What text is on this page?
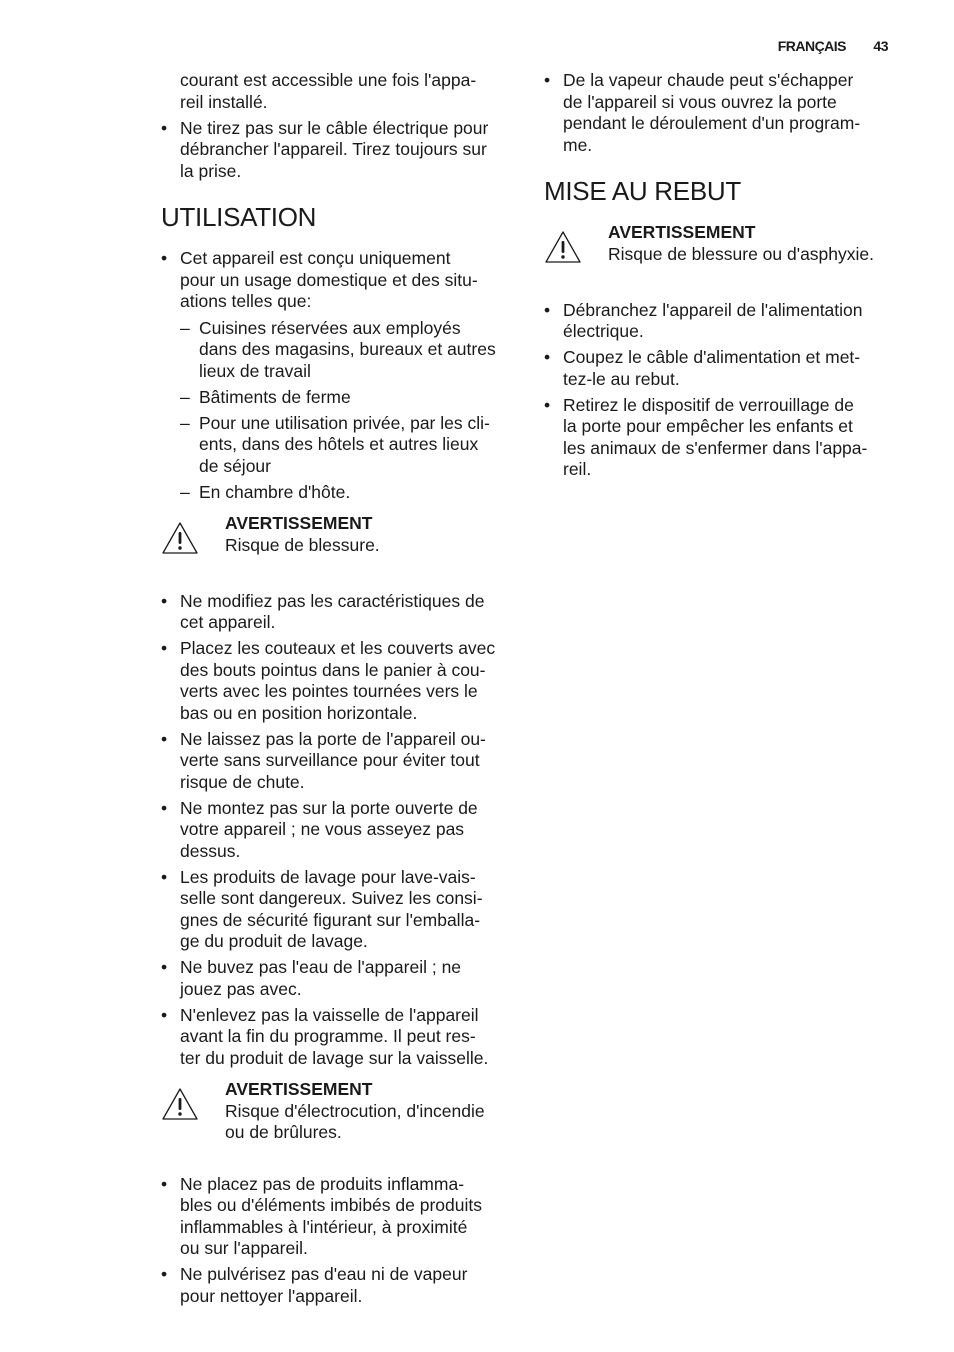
FRANÇAIS 43
courant est accessible une fois l'appa-
reil installé.
• Ne tirez pas sur le câble électrique pour
débrancher l'appareil. Tirez toujours sur
la prise.
UTILISATION
• Cet appareil est conçu uniquement
pour un usage domestique et des situ-
ations telles que:
– Cuisines réservées aux employés
dans des magasins, bureaux et autres
lieux de travail
– Bâtiments de ferme
– Pour une utilisation privée, par les cli-
ents, dans des hôtels et autres lieux
de séjour
– En chambre d'hôte.
AVERTISSEMENT
Risque de blessure.
• Ne modifiez pas les caractéristiques de
cet appareil.
• Placez les couteaux et les couverts avec
des bouts pointus dans le panier à cou-
verts avec les pointes tournées vers le
bas ou en position horizontale.
• Ne laissez pas la porte de l'appareil ou-
verte sans surveillance pour éviter tout
risque de chute.
• Ne montez pas sur la porte ouverte de
votre appareil ; ne vous asseyez pas
dessus.
• Les produits de lavage pour lave-vais-
selle sont dangereux. Suivez les consi-
gnes de sécurité figurant sur l'emballa-
ge du produit de lavage.
• Ne buvez pas l'eau de l'appareil ; ne
jouez pas avec.
• N'enlevez pas la vaisselle de l'appareil
avant la fin du programme. Il peut res-
ter du produit de lavage sur la vaisselle.
AVERTISSEMENT
Risque d'électrocution, d'incendie
ou de brûlures.
• Ne placez pas de produits inflamma-
bles ou d'éléments imbibés de produits
inflammables à l'intérieur, à proximité
ou sur l'appareil.
• Ne pulvérisez pas d'eau ni de vapeur
pour nettoyer l'appareil.
• De la vapeur chaude peut s'échapper
de l'appareil si vous ouvrez la porte
pendant le déroulement d'un program-
me.
MISE AU REBUT
AVERTISSEMENT
Risque de blessure ou d'asphyxie.
• Débranchez l'appareil de l'alimentation
électrique.
• Coupez le câble d'alimentation et met-
tez-le au rebut.
• Retirez le dispositif de verrouillage de
la porte pour empêcher les enfants et
les animaux de s'enfermer dans l'appa-
reil.
